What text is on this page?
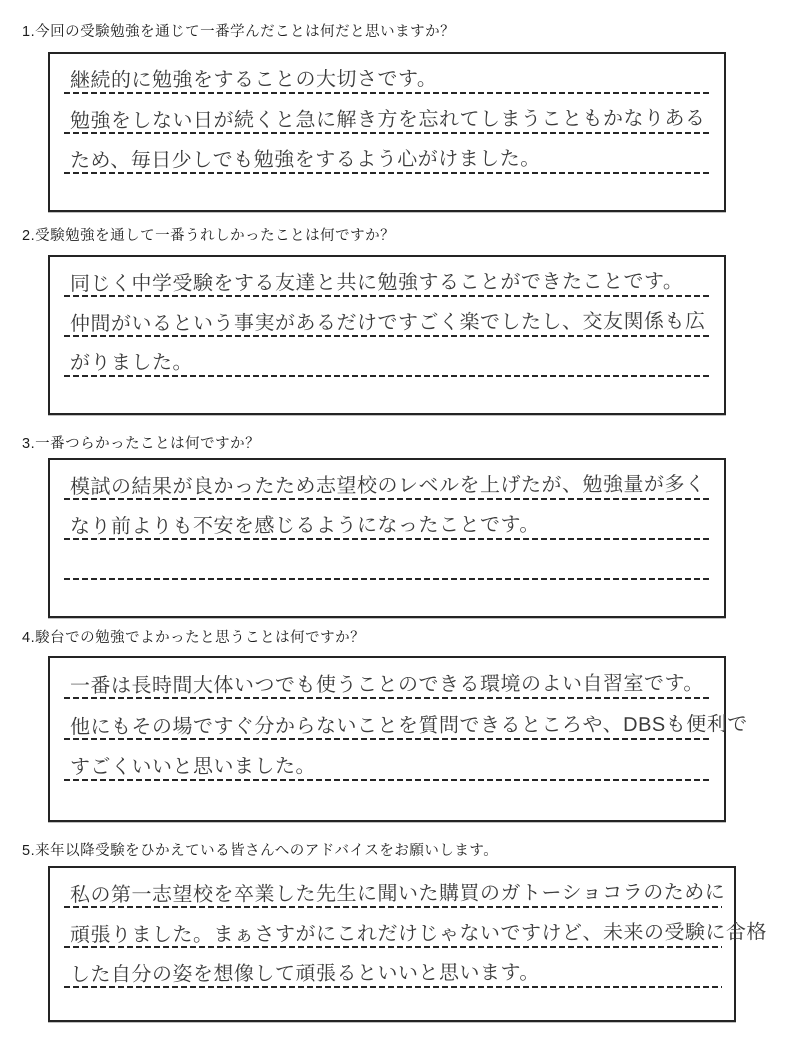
1.今回の受験勉強を通じて一番学んだことは何だと思いますか？
継続的に勉強をすることの大切さです。
勉強をしない日が続くと急に解き方を忘れてしまうこともかなりある
ため、毎日少しでも勉強をするよう心がけました。
2.受験勉強を通して一番うれしかったことは何ですか？
同じく中学受験をする友達と共に勉強することができたことです。
仲間がいるという事実があるだけですごく楽でしたし、交友関係も広
がりました。
3.一番つらかったことは何ですか？
模試の結果が良かったため志望校のレベルを上げたが、勉強量が多く
なり前よりも不安を感じるようになったことです。
4.駿台での勉強でよかったと思うことは何ですか？
一番は長時間大体いつでも使うことのできる環境のよい自習室です。
他にもその場ですぐ分からないことを質問できるところや、DBSも便利で
すごくいいと思いました。
5.来年以降受験をひかえている皆さんへのアドバイスをお願いします。
私の第一志望校を卒業した先生に聞いた購買のガトーショコラのために
頑張りました。まぁさすがにこれだけじゃないですけど、未来の受験に合格
した自分の姿を想像して頑張るといいと思います。
